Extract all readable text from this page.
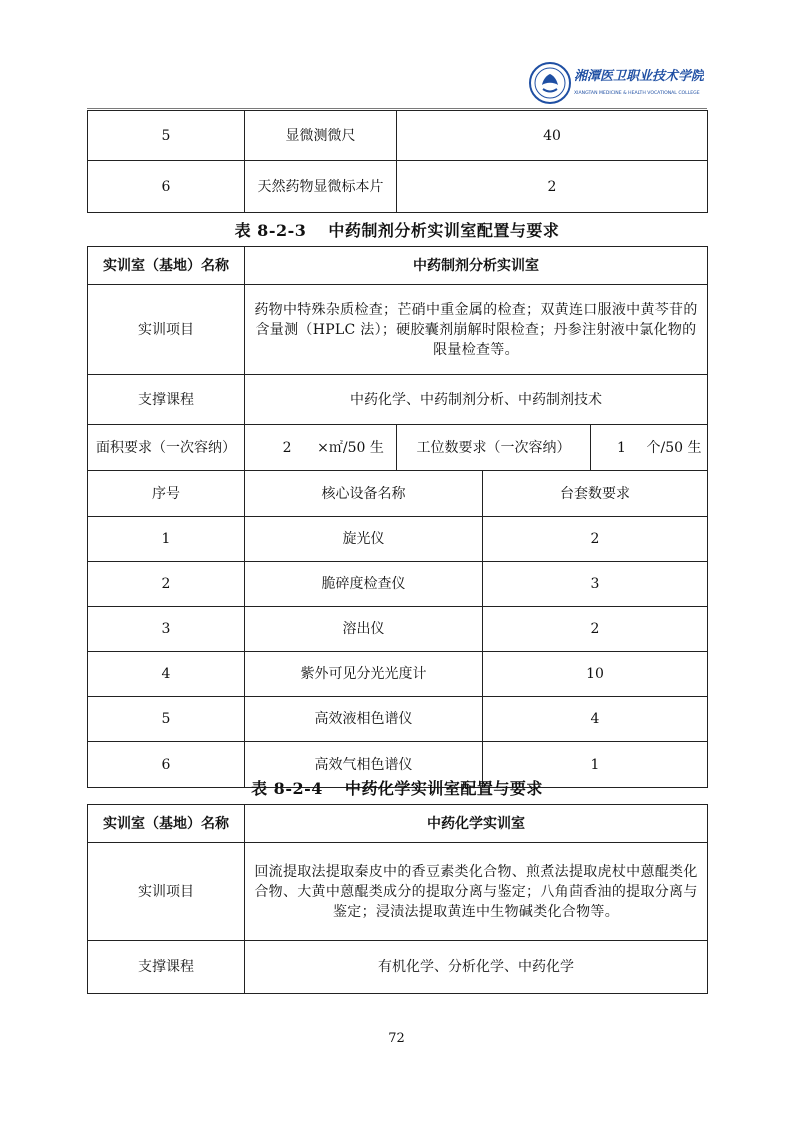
湘潭医卫职业技术学院
XIANGTAN MEDICINE & HEALTH VOCATIONAL COLLEGE
5	显微测微尺	40
6	天然药物显微标本片	2
表 8-2-3 中药制剂分析实训室配置与要求
实训室（基地）名称	中药制剂分析实训室			
实训项目	药物中特殊杂质检查；芒硝中重金属的检查；双黄连口服液中黄芩苷的含量测（HPLC 法）；硬胶囊剂崩解时限检查；丹参注射液中氯化物的限量检查等。			
支撑课程	中药化学、中药制剂分析、中药制剂技术			
面积要求（一次容纳）	2 ×㎡/50 生	工位数要求（一次容纳）		1 个/50 生
序号	核心设备名称		台套数要求	
1	旋光仪		2	
2	脆碎度检查仪		3	
3	溶出仪		2	
4	紫外可见分光光度计		10	
5	高效液相色谱仪		4	
6	高效气相色谱仪		1	
表 8-2-4 中药化学实训室配置与要求
实训室（基地）名称	中药化学实训室
实训项目	回流提取法提取秦皮中的香豆素类化合物、煎煮法提取虎杖中蒽醌类化合物、大黄中蒽醌类成分的提取分离与鉴定；八角茴香油的提取分离与鉴定；浸渍法提取黄连中生物碱类化合物等。
支撑课程	有机化学、分析化学、中药化学
72
